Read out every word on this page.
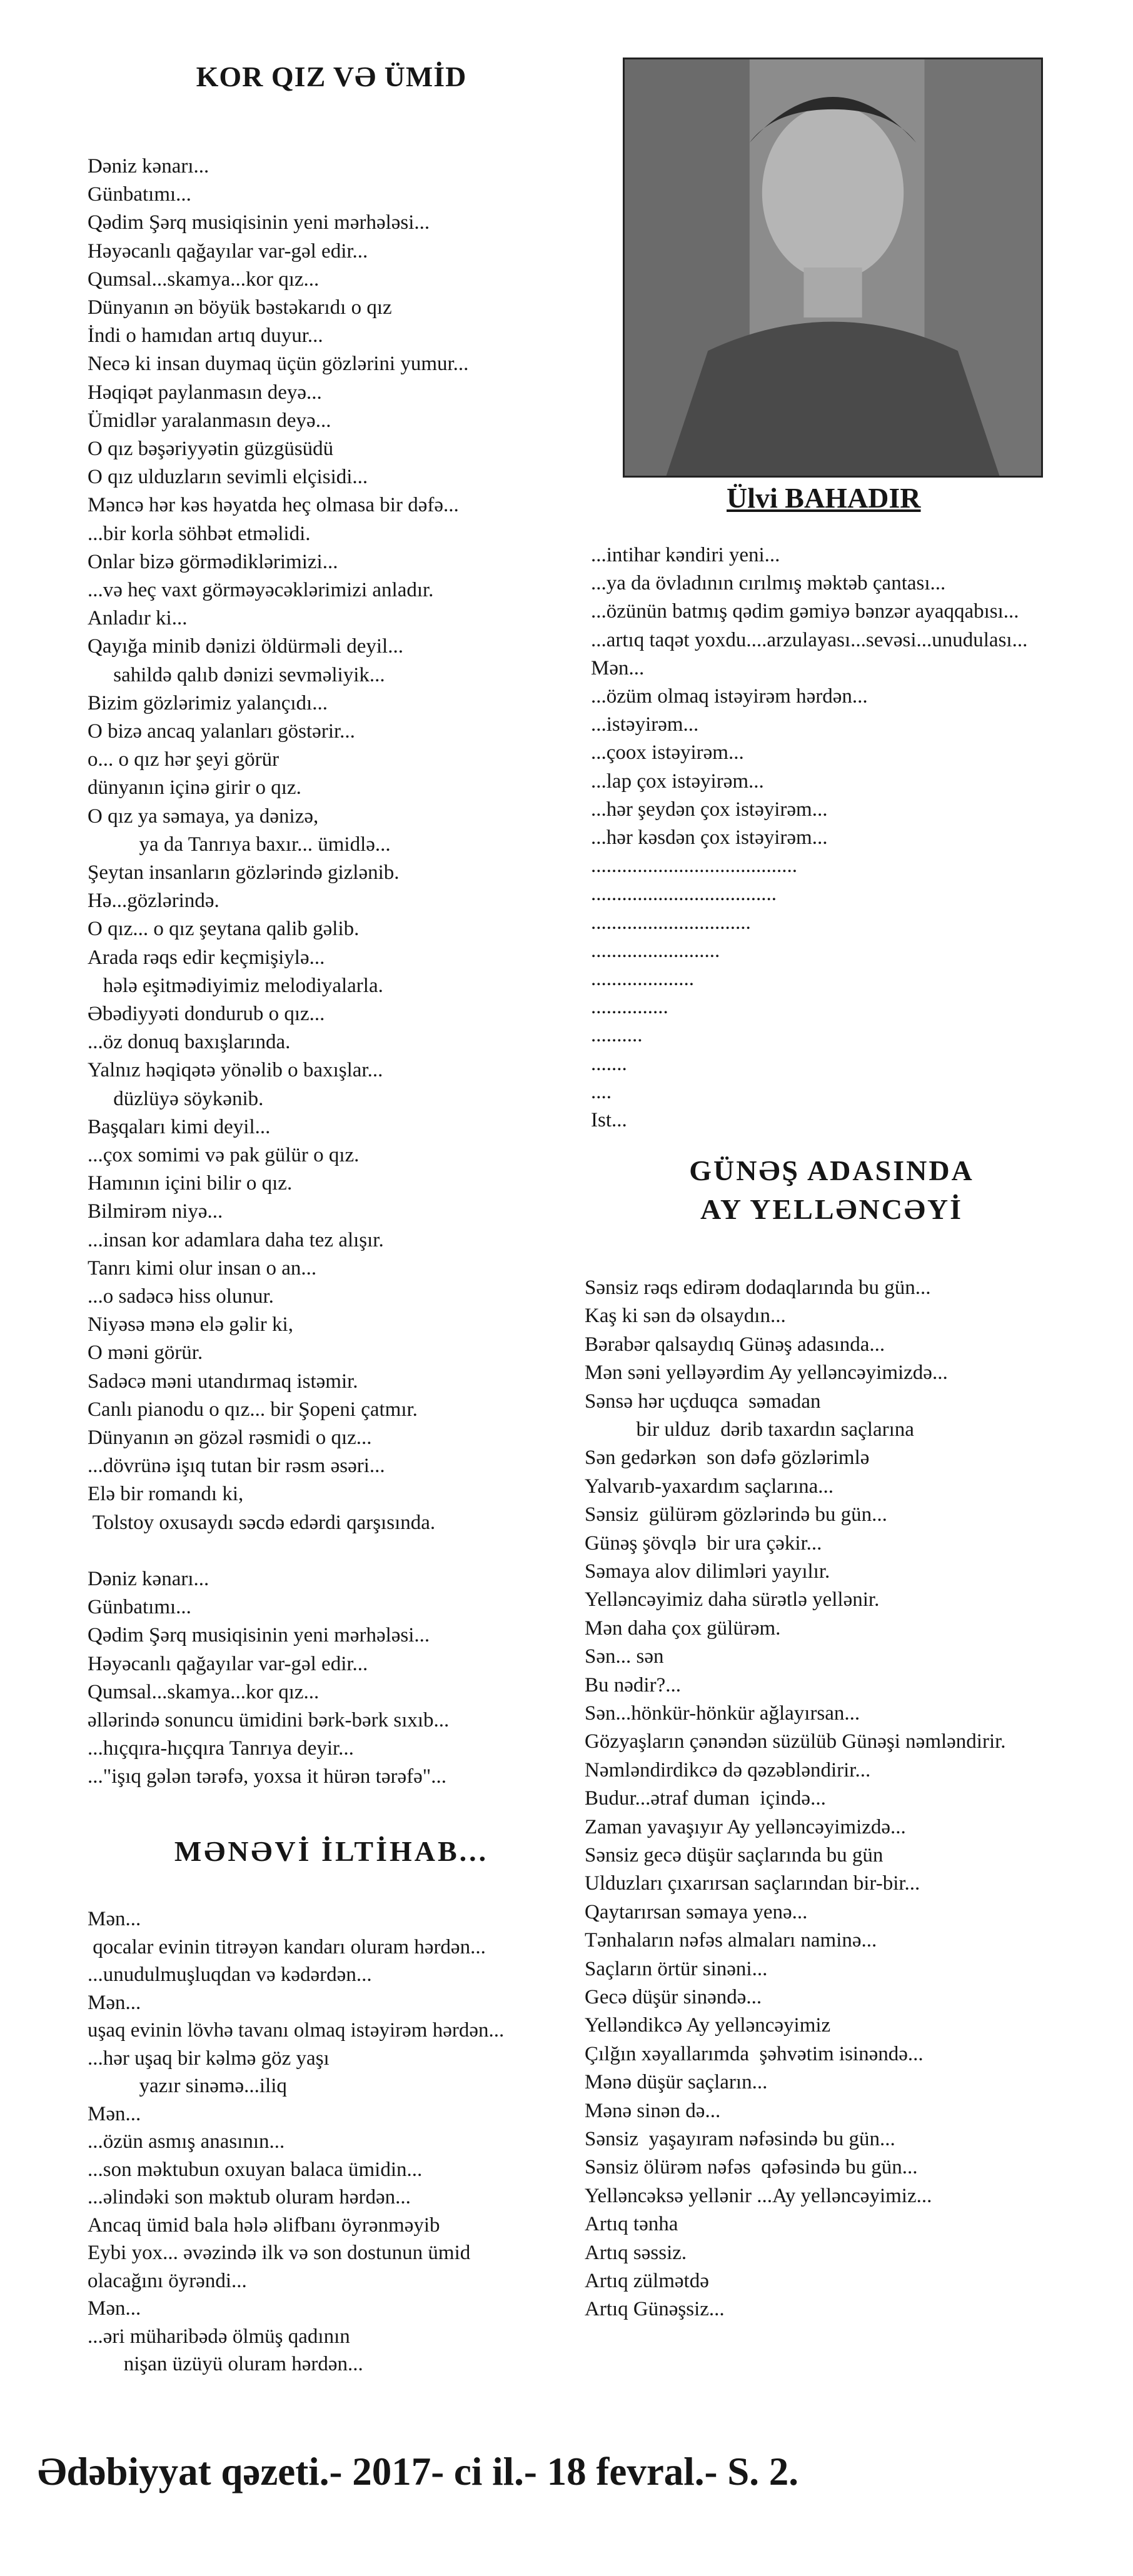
KOR QIZ VƏ ÜMİD
Dəniz kənarı...
Günbatımı...
Qədim Şərq musiqisinin yeni mərhələsi...
Həyəcanlı qağayılar var-gəl edir...
Qumsal...skamya...kor qız...
Dünyanın ən böyük bəstəkarıdı o qız
İndi o hamıdan artıq duyur...
Necə ki insan duymaq üçün gözlərini yumur...
Həqiqət paylanmasın deyə...
Ümidlər yaralanmasın deyə...
O qız bəşəriyyətin güzgüsüdü
O qız ulduzların sevimli elçisidi...
Məncə hər kəs həyatda heç olmasa bir dəfə...
...bir korla söhbət etməlidi.
Onlar bizə görmədiklərimizi...
...və heç vaxt görməyəcəklərimizi anladır.
Anladır ki...
Qayığa minib dənizi öldürməli deyil...
sahildə qalıb dənizi sevməliyik...
Bizim gözlərimiz yalançıdı...
O bizə ancaq yalanları göstərir...
o... o qız hər şeyi görür
dünyanın içinə girir o qız.
O qız ya səmaya, ya dənizə,
ya da Tanrıya baxır... ümidlə...
Şeytan insanların gözlərində gizlənib.
Hə...gözlərində.
O qız... o qız şeytana qalib gəlib.
Arada rəqs edir keçmişiylə...
hələ eşitmədiyimiz melodiyalarla.
Əbədiyyəti dondurub o qız...
...öz donuq baxışlarında.
Yalnız həqiqətə yönəlib o baxışlar...
düzlüyə söykənib.
Başqaları kimi deyil...
...çox somimi və pak gülür o qız.
Hamının içini bilir o qız.
Bilmirəm niyə...
...insan kor adamlara daha tez alışır.
Tanrı kimi olur insan o an...
...o sadəcə hiss olunur.
Niyəsə mənə elə gəlir ki,
O məni görür.
Sadəcə məni utandırmaq istəmir.
Canlı pianodu o qız... bir Şopeni çatmır.
Dünyanın ən gözəl rəsmidi o qız...
...dövrünə işıq tutan bir rəsm əsəri...
Elə bir romandı ki,
Tolstoy oxusaydı səcdə edərdi qarşısında.
Dəniz kənarı...
Günbatımı...
Qədim Şərq musiqisinin yeni mərhələsi...
Həyəcanlı qağayılar var-gəl edir...
Qumsal...skamya...kor qız...
əllərində sonuncu ümidini bərk-bərk sıxıb...
...hıçqıra-hıçqıra Tanrıya deyir...
..."işıq gələn tərəfə, yoxsa it hürən tərəfə"...
MƏNƏVİ İLTİHAB...
Mən...
qocalar evinin titrəyən kandarı oluram hərdən...
...unudulmuşluqdan və kədərdən...
Mən...
uşaq evinin lövhə tavanı olmaq istəyirəm hərdən...
...hər uşaq bir kəlmə göz yaşı
yazır sinəmə...iliq
Mən...
...özün asmış anasının...
...son məktubun oxuyan balaca ümidin...
...əlindəki son məktub oluram hərdən...
Ancaq ümid bala hələ əlifbanı öyrənməyib
Eybi yox... əvəzində ilk və son dostunun ümid
olacağını öyrəndi...
Mən...
...əri müharibədə ölmüş qadının
nişan üzüyü oluram hərdən...
...intihar kəndiri yeni...
...ya da övladının cırılmış məktəb çantası...
...özünün batmış qədim gəmiyə bənzər ayaqqabısı...
...artıq taqət yoxdu....arzulayası...sevəsi...unudulası...
Mən...
...özüm olmaq istəyirəm hərdən...
...istəyirəm...
...çoox istəyirəm...
...lap çox istəyirəm...
...hər şeydən çox istəyirəm...
...hər kəsdən çox istəyirəm...
........................................
....................................
...............................
.........................
....................
...............
..........
.......
....
Ist...
Ülvi BAHADIR
GÜNƏŞ ADASINDA
AY YELLƏNCƏYİ
Sənsiz rəqs edirəm dodaqlarında bu gün...
Kaş ki sən də olsaydın...
Bərabər qalsaydıq Günəş adasında...
Mən səni yelləyərdim Ay yelləncəyimizdə...
Sənsə hər uçduqca  səmadan
bir ulduz  dərib taxardın saçlarına
Sən gedərkən  son dəfə gözlərimlə
Yalvarıb-yaxardım saçlarına...
Sənsiz  gülürəm gözlərində bu gün...
Günəş şövqlə  bir ura çəkir...
Səmaya alov dilimləri yayılır.
Yelləncəyimiz daha sürətlə yellənir.
Mən daha çox gülürəm.
Sən... sən
Bu nədir?...
Sən...hönkür-hönkür ağlayırsan...
Gözyaşların çənəndən süzülüb Günəşi nəmləndirir.
Nəmləndirdikcə də qəzəbləndirir...
Budur...ətraf duman  içində...
Zaman yavaşıyır Ay yelləncəyimizdə...
Sənsiz gecə düşür saçlarında bu gün
Ulduzları çıxarırsan saçlarından bir-bir...
Qaytarırsan səmaya yenə...
Tənhaların nəfəs almaları naminə...
Saçların örtür sinəni...
Gecə düşür sinəndə...
Yelləndikcə Ay yelləncəyimiz
Çılğın xəyallarımda  şəhvətim isinəndə...
Mənə düşür saçların...
Mənə sinən də...
Sənsiz  yaşayıram nəfəsində bu gün...
Sənsiz ölürəm nəfəs  qəfəsində bu gün...
Yelləncəksə yellənir ...Ay yelləncəyimiz...
Artıq tənha
Artıq səssiz.
Artıq zülmətdə
Artıq Günəşsiz...
Ədəbiyyat qəzeti.- 2017- ci il.- 18 fevral.- S. 2.
